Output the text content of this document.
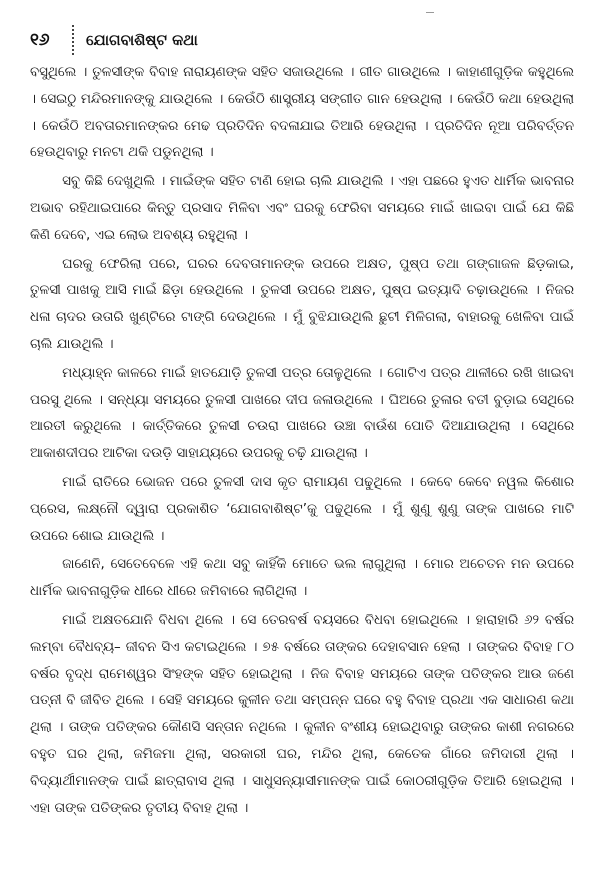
୧୬	ଯୋଗବାଶିଷ୍ଟ କଥା

ବସୁଥିଲେ । ତୁଳସୀଙ୍କ ବିବାହ ନାରାୟଣଙ୍କ ସହିତ ସଜାଉଥିଲେ । ଗୀତ ଗାଉଥିଲେ । କାହାଣୀଗୁଡ଼ିକ କହୁଥିଲେ । ସେଇଠୁ ମନ୍ଦିରମାନଙ୍କୁ ଯାଉଥିଲେ । କେଉଁଠି ଶାସ୍ତ୍ରୀୟ ସଙ୍ଗୀତ ଗାନ ହେଉଥିଲା । କେଉଁଠି କଥା ହେଉଥିଲା । କେଉଁଠି ଅବତାରମାନଙ୍କର ମେଢ ପ୍ରତିଦିନ ବଦଳାଯାଇ ତିଆରି ହେଉଥିଲା । ପ୍ରତିଦିନ ନୂଆ ପରିବର୍ତ୍ତନ ହେଉଥିବାରୁ ମନଟା ଥକି ପଡୁନଥିଲା ।

ସବୁ କିଛି ଦେଖୁଥିଲି । ମାଇଁଙ୍କ ସହିତ ଟାଣି ହୋଇ ଚାଲି ଯାଉଥିଲି । ଏହା ପଛରେ ହୁଏତ ଧାର୍ମିକ ଭାବନାର ଅଭାବ ରହିଥାଇପାରେ କିନ୍ତୁ ପ୍ରସାଦ ମିଳିବା ଏବଂ ଘରକୁ ଫେରିବା ସମୟରେ ମାଇଁ ଖାଇବା ପାଇଁ ଯେ କିଛି କିଣି ଦେବେ, ଏଇ ଲୋଭ ଅବଶ୍ୟ ରହୁଥିଲା ।

ଘରକୁ ଫେରିଲା ପରେ, ଘରର ଦେବତାମାନଙ୍କ ଉପରେ ଅକ୍ଷତ, ପୁଷ୍ପ ତଥା ଗଙ୍ଗାଜଳ ଛିଡ଼କାଇ, ତୁଳସୀ ପାଖକୁ ଆସି ମାଇଁ ଛିଡ଼ା ହେଉଥିଲେ । ତୁଳସୀ ଉପରେ ଅକ୍ଷତ, ପୁଷ୍ପ ଇତ୍ୟାଦି ଚଢ଼ାଉଥିଲେ । ନିଜର ଧଳା ଚାଦର ଉତାରି ଖୁଣ୍ଟିରେ ଟାଙ୍ଗି ଦେଉଥିଲେ । ମୁଁ ବୁଝିଯାଉଥିଲି ଛୁଟୀ ମିଳିଗଲା, ବାହାରକୁ ଖେଳିବା ପାଇଁ ଚାଲି ଯାଉଥିଲି ।

ମଧ୍ୟାହ୍ନ କାଳରେ ମାଇଁ ହାତଯୋଡ଼ି ତୁଳସୀ ପତ୍ର ତୋଳୁଥିଲେ । ଗୋଟିଏ ପତ୍ର ଥାଳୀରେ ରଖି ଖାଇବା ପରସୁ ଥିଲେ । ସନ୍ଧ୍ୟା ସମୟରେ ତୁଳସୀ ପାଖରେ ଦୀପ ଜଳାଉଥିଲେ । ଘିଅରେ ତୁଳାର ବତୀ ବୁଡ଼ାଇ ସେଥିରେ ଆରତୀ କରୁଥିଲେ । କାର୍ତ୍ତିକରେ ତୁଳସୀ ଚଉରା ପାଖରେ ଉଞ୍ଚା ବାଉଁଶ ପୋତି ଦିଆଯାଉଥିଲା । ସେଥିରେ ଆକାଶଦୀପର ଆଟିକା ଦଉଡ଼ି ସାହାଯ୍ୟରେ ଉପରକୁ ଚଢ଼ି ଯାଉଥିଲା ।

ମାଇଁ ରାତିରେ ଭୋଜନ ପରେ ତୁଳସୀ ଦାସ କୃତ ରାମାୟଣ ପଢୁଥିଲେ । କେବେ କେବେ ନୱଲ କିଶୋର ପ୍ରେସ, ଲକ୍ଷ୍ନୌ ଦ୍ୱାରା ପ୍ରକାଶିତ ‘ଯୋଗବାଶିଷ୍ଟ’କୁ ପଢୁଥିଲେ । ମୁଁ ଶୁଣୁ ଶୁଣୁ ତାଙ୍କ ପାଖରେ ମାଟି ଉପରେ ଶୋଇ ଯାଉଥିଲି ।

ଜାଣେନି, ସେତେବେଳେ ଏହି କଥା ସବୁ କାହିଁକି ମୋତେ ଭଲ ଲାଗୁଥିଲା । ମୋର ଅଚେତନ ମନ ଉପରେ ଧାର୍ମିକ ଭାବନାଗୁଡ଼ିକ ଧୀରେ ଧୀରେ ଜମିବାରେ ଲାଗିଥିଲା ।

ମାଇଁ ଅକ୍ଷତଯୋନି ବିଧବା ଥିଲେ । ସେ ତେରବର୍ଷ ବୟସରେ ବିଧବା ହୋଇଥିଲେ । ହାରାହାରି ୬୨ ବର୍ଷର ଲମ୍ବା ବୈଧବ୍ୟ– ଜୀବନ ସିଏ କଟାଇଥିଲେ । ୭୫ ବର୍ଷରେ ତାଙ୍କର ଦେହାବସାନ ହେଲା । ତାଙ୍କର ବିବାହ ୮୦ ବର୍ଷର ବୃଦ୍ଧ ରାମେଶ୍ୱର ସିଂହଙ୍କ ସହିତ ହୋଇଥିଲା । ନିଜ ବିବାହ ସମୟରେ ତାଙ୍କ ପତିଙ୍କର ଆଉ ଜଣେ ପତ୍ନୀ ବି ଜୀବିତ ଥିଲେ । ସେହି ସମୟରେ କୁଳୀନ ତଥା ସମ୍ପନ୍ନ ଘରେ ବହୁ ବିବାହ ପ୍ରଥା ଏକ ସାଧାରଣ କଥା ଥିଲା । ତାଙ୍କ ପତିଙ୍କର କୌଣସି ସନ୍ତାନ ନଥିଲେ । କୁଳୀନ ବଂଶୀୟ ହୋଇଥିବାରୁ ତାଙ୍କର କାଶୀ ନଗରରେ ବହୁତ ଘର ଥିଲା, ଜମିଜମା ଥିଲା, ସରକାରୀ ଘର, ମନ୍ଦିର ଥିଲା, କେତେକ ଗାଁରେ ଜମିଦାରୀ ଥିଲା । ବିଦ୍ୟାର୍ଥୀମାନଙ୍କ ପାଇଁ ଛାତ୍ରାବାସ ଥିଲା । ସାଧୁସନ୍ୟାସୀମାନଙ୍କ ପାଇଁ କୋଠରୀଗୁଡ଼ିକ ତିଆରି ହୋଇଥିଲା । ଏହା ତାଙ୍କ ପତିଙ୍କର ତୃତୀୟ ବିବାହ ଥିଲା ।
